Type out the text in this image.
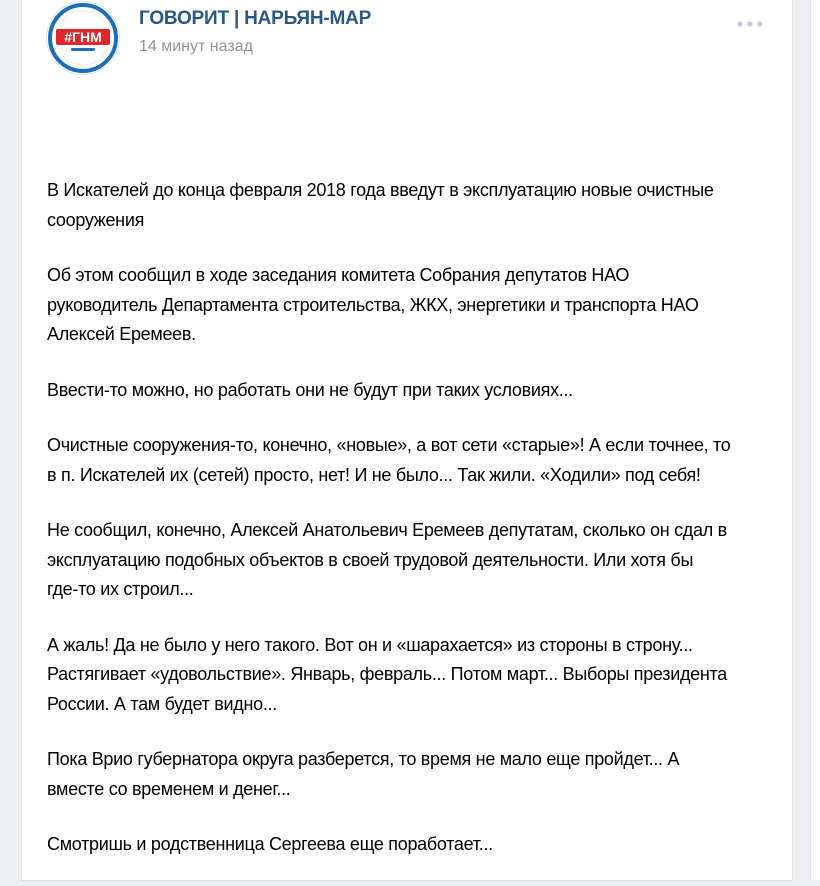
#ГНМ
ГОВОРИТ | НАРЬЯН-МАР
14 минут назад

В Искателей до конца февраля 2018 года введут в эксплуатацию новые очистные
сооружения

Об этом сообщил в ходе заседания комитета Собрания депутатов НАО
руководитель Департамента строительства, ЖКХ, энергетики и транспорта НАО
Алексей Еремеев.

Ввести-то можно, но работать они не будут при таких условиях...

Очистные сооружения-то, конечно, «новые», а вот сети «старые»! А если точнее, то
в п. Искателей их (сетей) просто, нет! И не было... Так жили. «Ходили» под себя!

Не сообщил, конечно, Алексей Анатольевич Еремеев депутатам, сколько он сдал в
эксплуатацию подобных объектов в своей трудовой деятельности. Или хотя бы
где-то их строил...

А жаль! Да не было у него такого. Вот он и «шарахается» из стороны в строну...
Растягивает «удовольствие». Январь, февраль... Потом март... Выборы президента
России. А там будет видно...

Пока Врио губернатора округа разберется, то время не мало еще пройдет... А
вместе со временем и денег...

Смотришь и родственница Сергеева еще поработает...
